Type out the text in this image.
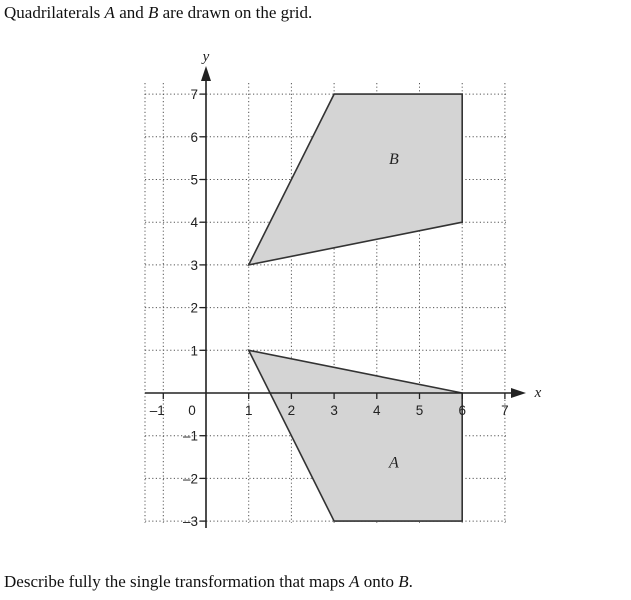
Quadrilaterals A and B are drawn on the grid.
A
B
–1	1	2	3	4	5	6	7
1
2
3
4
5
6
7
–1
–2
–3
0
x
y
Describe fully the single transformation that maps A onto B.
